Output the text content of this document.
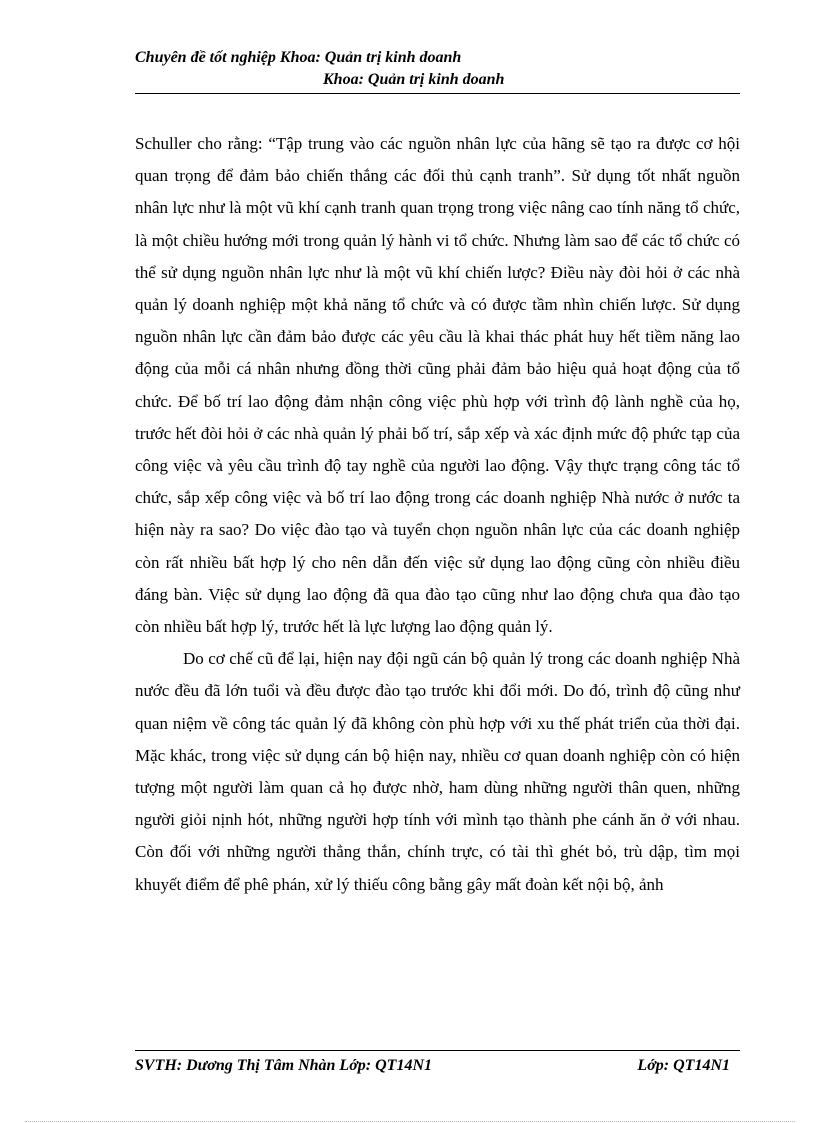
Chuyên đề tốt nghiệp Khoa: Quản trị kinh doanh
Khoa: Quản trị kinh doanh

Schuller cho rằng: “Tập trung vào các nguồn nhân lực của hãng sẽ tạo ra được cơ hội quan trọng để đảm bảo chiến thắng các đối thủ cạnh tranh”. Sử dụng tốt nhất nguồn nhân lực như là một vũ khí cạnh tranh quan trọng trong việc nâng cao tính năng tổ chức, là một chiều hướng mới trong quản lý hành vi tổ chức. Nhưng làm sao để các tổ chức có thể sử dụng nguồn nhân lực như là một vũ khí chiến lược? Điều này đòi hỏi ở các nhà quản lý doanh nghiệp một khả năng tổ chức và có được tầm nhìn chiến lược. Sử dụng nguồn nhân lực cần đảm bảo được các yêu cầu là khai thác phát huy hết tiềm năng lao động của mỗi cá nhân nhưng đồng thời cũng phải đảm bảo hiệu quả hoạt động của tổ chức. Để bố trí lao động đảm nhận công việc phù hợp với trình độ lành nghề của họ, trước hết đòi hỏi ở các nhà quản lý phải bố trí, sắp xếp và xác định mức độ phức tạp của công việc và yêu cầu trình độ tay nghề của người lao động. Vậy thực trạng công tác tổ chức, sắp xếp công việc và bố trí lao động trong các doanh nghiệp Nhà nước ở nước ta hiện này ra sao? Do việc đào tạo và tuyển chọn nguồn nhân lực của các doanh nghiệp còn rất nhiều bất hợp lý cho nên dẫn đến việc sử dụng lao động cũng còn nhiều điều đáng bàn. Việc sử dụng lao động đã qua đào tạo cũng như lao động chưa qua đào tạo còn nhiều bất hợp lý, trước hết là lực lượng lao động quản lý.

Do cơ chế cũ để lại, hiện nay đội ngũ cán bộ quản lý trong các doanh nghiệp Nhà nước đều đã lớn tuổi và đều được đào tạo trước khi đổi mới. Do đó, trình độ cũng như quan niệm về công tác quản lý đã không còn phù hợp với xu thế phát triển của thời đại. Mặc khác, trong việc sử dụng cán bộ hiện nay, nhiều cơ quan doanh nghiệp còn có hiện tượng một người làm quan cả họ được nhờ, ham dùng những người thân quen, những người giỏi nịnh hót, những người hợp tính với mình tạo thành phe cánh ăn ở với nhau. Còn đối với những người thẳng thắn, chính trực, có tài thì ghét bỏ, trù dập, tìm mọi khuyết điểm để phê phán, xử lý thiếu công bằng gây mất đoàn kết nội bộ, ảnh

SVTH: Dương Thị Tâm Nhàn Lớp: QT14N1	Lớp: QT14N1
